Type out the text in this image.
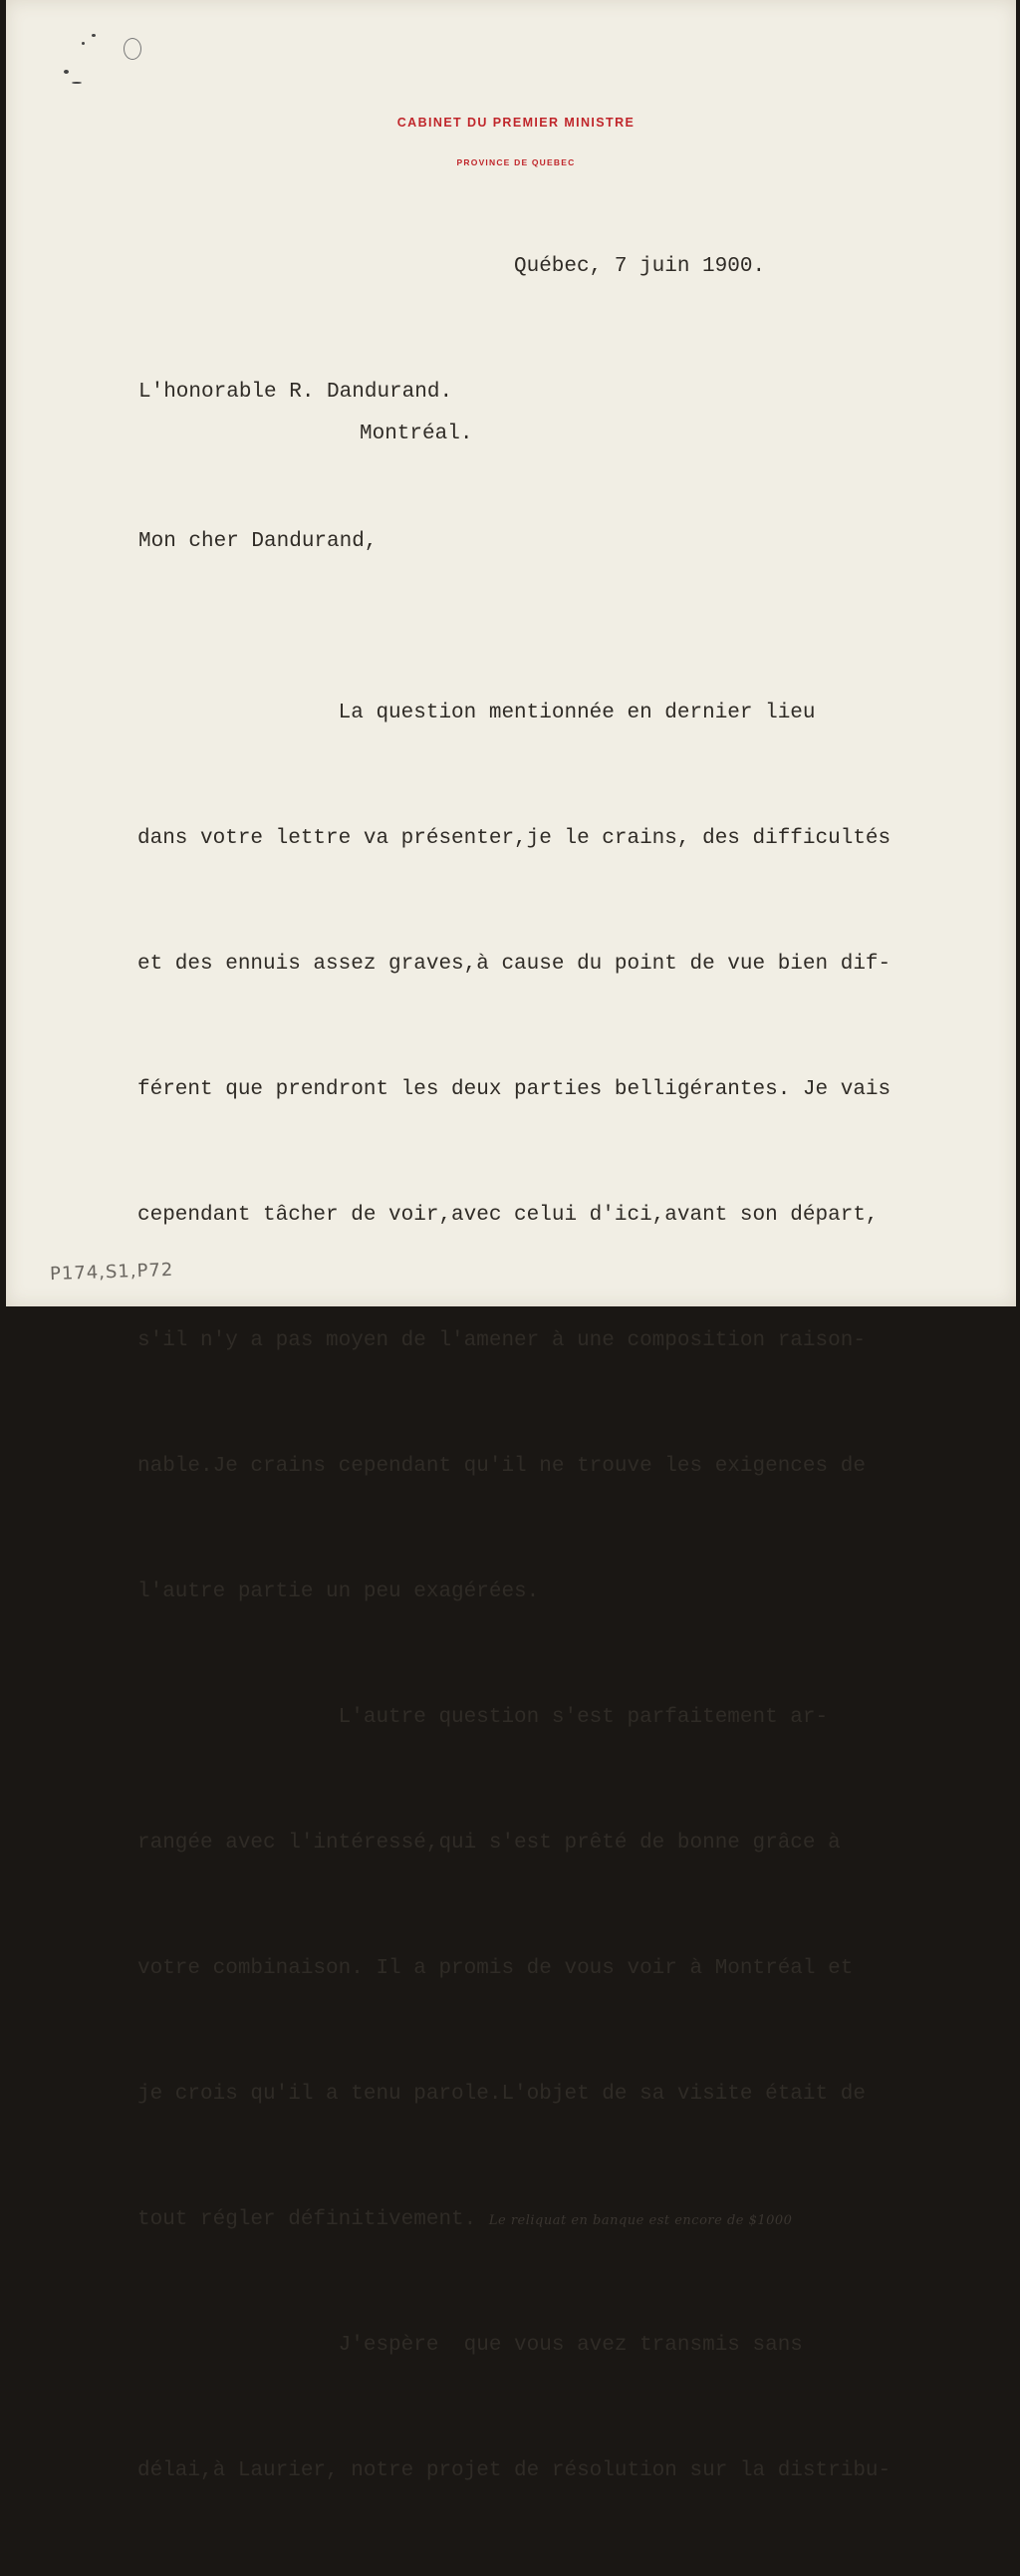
CABINET DU PREMIER MINISTRE
PROVINCE DE QUEBEC

Québec, 7 juin 1900.

L'honorable R. Dandurand.

Montréal.

Mon cher Dandurand,

La question mentionnée en dernier lieu

dans votre lettre va présenter,je le crains, des difficultés

et des ennuis assez graves,à cause du point de vue bien dif-

férent que prendront les deux parties belligérantes. Je vais

cependant tâcher de voir,avec celui d'ici,avant son départ,

s'il n'y a pas moyen de l'amener à une composition raison-

nable.Je crains cependant qu'il ne trouve les exigences de

l'autre partie un peu exagérées.

L'autre question s'est parfaitement ar-

rangée avec l'intéressé,qui s'est prêté de bonne grâce à

votre combinaison. Il a promis de vous voir à Montréal et

je crois qu'il a tenu parole.L'objet de sa visite était de

tout régler définitivement. Le reliquat en banque est encore de $1000

J'espère  que vous avez transmis sans

délai,à Laurier, notre projet de résolution sur la distribu-

P174,S1,P72
